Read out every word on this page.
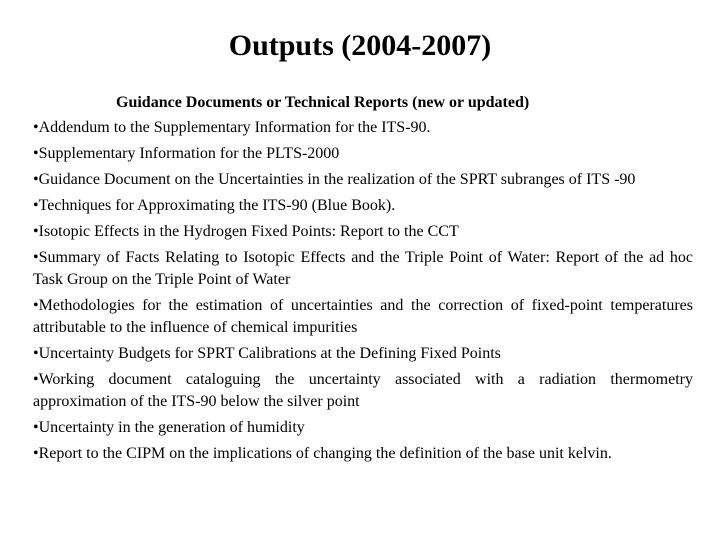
Outputs (2004-2007)

Guidance Documents or Technical Reports (new or updated)

•Addendum to the Supplementary Information for the ITS-90.
•Supplementary Information for the PLTS-2000
•Guidance Document on the Uncertainties in the realization of the SPRT subranges of ITS -90
•Techniques for Approximating the ITS-90 (Blue Book).
•Isotopic Effects in the Hydrogen Fixed Points: Report to the CCT
•Summary of Facts Relating to Isotopic Effects and the Triple Point of Water: Report of the ad hoc Task Group on the Triple Point of Water
•Methodologies for the estimation of uncertainties and the correction of fixed-point temperatures attributable to the influence of chemical impurities
•Uncertainty Budgets for SPRT Calibrations at the Defining Fixed Points
•Working document cataloguing the uncertainty associated with a radiation thermometry approximation of the ITS-90 below the silver point
•Uncertainty in the generation of humidity
•Report to the CIPM on the implications of changing the definition of the base unit kelvin.
